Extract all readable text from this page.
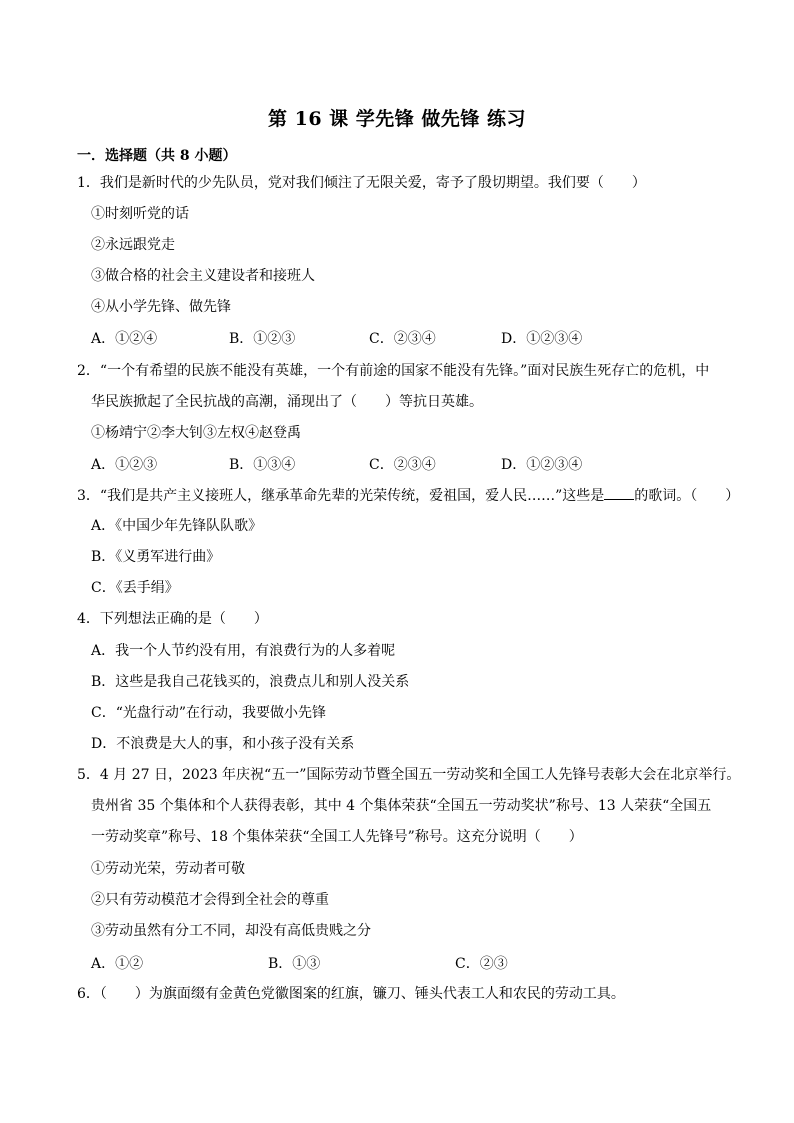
第 16 课 学先锋 做先锋 练习
一．选择题（共 8 小题）
1．我们是新时代的少先队员，党对我们倾注了无限关爱，寄予了殷切期望。我们要（　　）
①时刻听党的话
②永远跟党走
③做合格的社会主义建设者和接班人
④从小学先锋、做先锋
A．①②④	B．①②③	C．②③④	D．①②③④
2．“一个有希望的民族不能没有英雄，一个有前途的国家不能没有先锋。”面对民族生死存亡的危机，中
华民族掀起了全民抗战的高潮，涌现出了（　　）等抗日英雄。
①杨靖宁②李大钊③左权④赵登禹
A．①②③	B．①③④	C．②③④	D．①②③④
3．“我们是共产主义接班人，继承革命先辈的光荣传统，爱祖国，爱人民……”这些是 的歌词。（　　）
A．《中国少年先锋队队歌》
B．《义勇军进行曲》
C．《丢手绢》
4．下列想法正确的是（　　）
A．我一个人节约没有用，有浪费行为的人多着呢
B．这些是我自己花钱买的，浪费点儿和别人没关系
C．“光盘行动”在行动，我要做小先锋
D．不浪费是大人的事，和小孩子没有关系
5．4 月 27 日，2023 年庆祝“五一”国际劳动节暨全国五一劳动奖和全国工人先锋号表彰大会在北京举行。
贵州省 35 个集体和个人获得表彰，其中 4 个集体荣获“全国五一劳动奖状”称号、13 人荣获“全国五
一劳动奖章”称号、18 个集体荣获“全国工人先锋号”称号。这充分说明（　　）
①劳动光荣，劳动者可敬
②只有劳动模范才会得到全社会的尊重
③劳动虽然有分工不同，却没有高低贵贱之分
A．①②	B．①③	C．②③
6．（　　）为旗面缀有金黄色党徽图案的红旗，镰刀、锤头代表工人和农民的劳动工具。
